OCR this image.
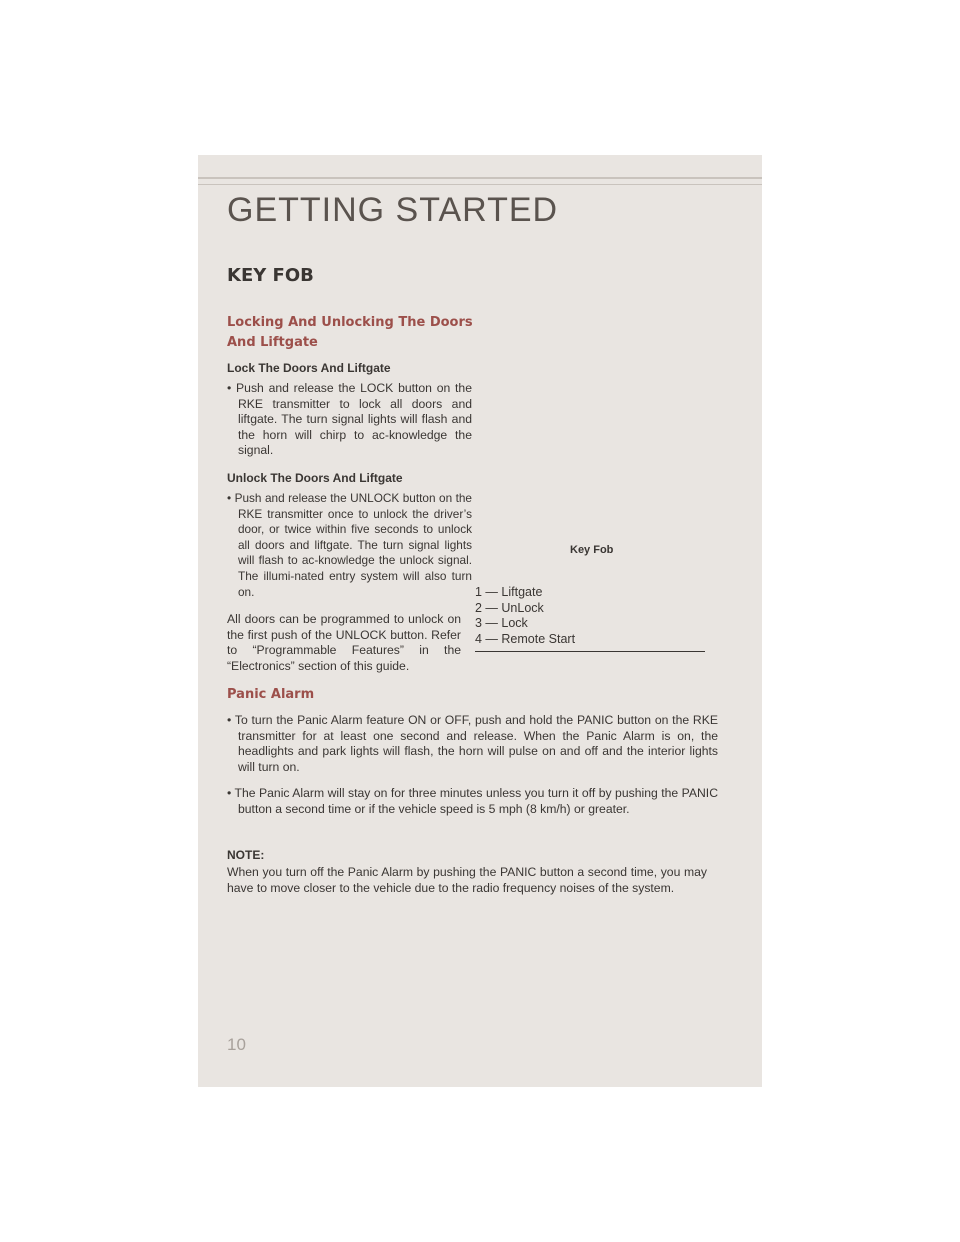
GETTING STARTED
KEY FOB
Locking And Unlocking The Doors And Liftgate
Lock The Doors And Liftgate

• Push and release the LOCK button on the RKE transmitter to lock all doors and liftgate. The turn signal lights will flash and the horn will chirp to ac-knowledge the signal.

Unlock The Doors And Liftgate

• Push and release the UNLOCK button on the RKE transmitter once to unlock the driver’s door, or twice within five seconds to unlock all doors and liftgate. The turn signal lights will flash to ac-knowledge the unlock signal. The illumi-nated entry system will also turn on.

All doors can be programmed to unlock on the first push of the UNLOCK button. Refer to “Programmable Features” in the “Electronics” section of this guide.

Key Fob

1 — Liftgate
2 — UnLock
3 — Lock
4 — Remote Start
Panic Alarm

• To turn the Panic Alarm feature ON or OFF, push and hold the PANIC button on the RKE transmitter for at least one second and release. When the Panic Alarm is on, the headlights and park lights will flash, the horn will pulse on and off and the interior lights will turn on.

• The Panic Alarm will stay on for three minutes unless you turn it off by pushing the PANIC button a second time or if the vehicle speed is 5 mph (8 km/h) or greater.

NOTE:

When you turn off the Panic Alarm by pushing the PANIC button a second time, you may have to move closer to the vehicle due to the radio frequency noises of the system.

10
